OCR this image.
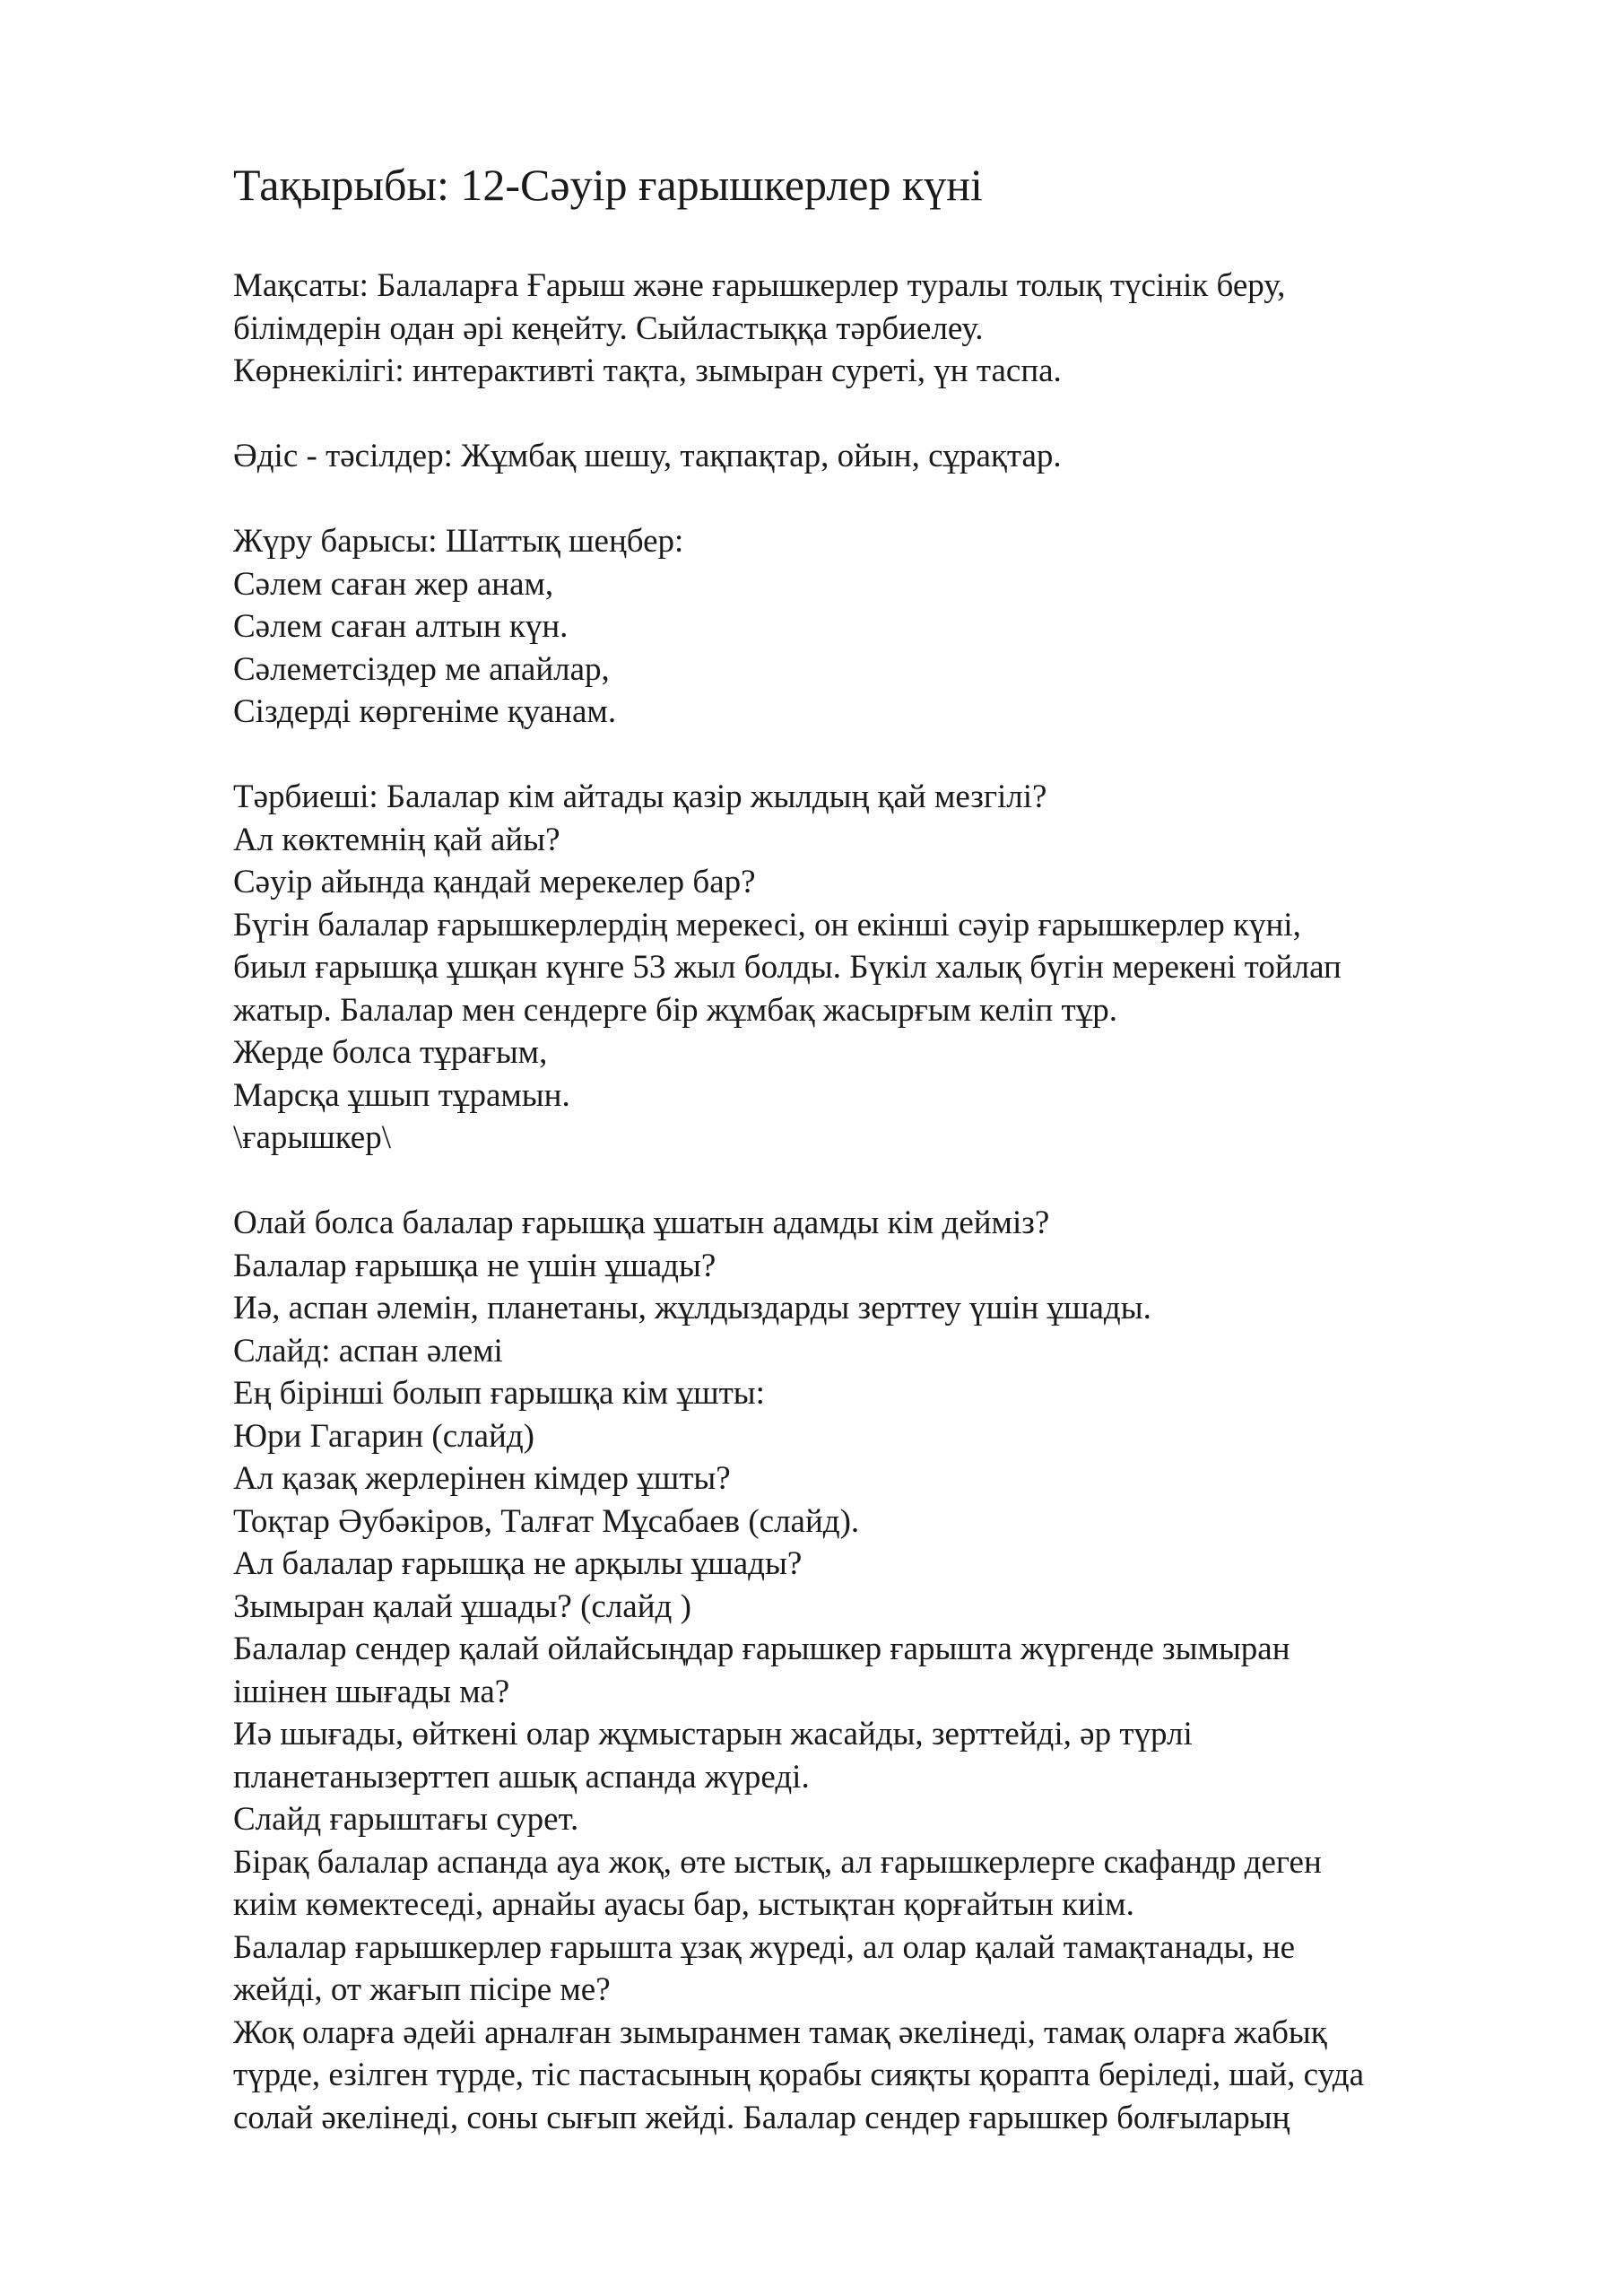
Тақырыбы: 12-Сәуір ғарышкерлер күні
Мақсаты: Балаларға Ғарыш және ғарышкерлер туралы толық түсінік беру,
білімдерін одан әрі кеңейту. Сыйластыққа тәрбиелеу.
Көрнекілігі: интерактивті тақта, зымыран суреті, үн таспа.
Әдіс - тәсілдер: Жұмбақ шешу, тақпақтар, ойын, сұрақтар.
Жүру барысы: Шаттық шеңбер:
Сәлем саған жер анам,
Сәлем саған алтын күн.
Сәлеметсіздер ме апайлар,
Сіздерді көргеніме қуанам.
Тәрбиеші: Балалар кім айтады қазір жылдың қай мезгілі?
Ал көктемнің қай айы?
Сәуір айында қандай мерекелер бар?
Бүгін балалар ғарышкерлердің мерекесі, он екінші сәуір ғарышкерлер күні,
биыл ғарышқа ұшқан күнге 53 жыл болды. Бүкіл халық бүгін мерекені тойлап
жатыр. Балалар мен сендерге бір жұмбақ жасырғым келіп тұр.
Жерде болса тұрағым,
Марсқа ұшып тұрамын.
\ғарышкер\
Олай болса балалар ғарышқа ұшатын адамды кім дейміз?
Балалар ғарышқа не үшін ұшады?
Иә, аспан әлемін, планетаны, жұлдыздарды зерттеу үшін ұшады.
Слайд: аспан әлемі
Ең бірінші болып ғарышқа кім ұшты:
Юри Гагарин (слайд)
Ал қазақ жерлерінен кімдер ұшты?
Тоқтар Әубәкіров, Талғат Мұсабаев (слайд).
Ал балалар ғарышқа не арқылы ұшады?
Зымыран қалай ұшады? (слайд )
Балалар сендер қалай ойлайсыңдар ғарышкер ғарышта жүргенде зымыран
ішінен шығады ма?
Иә шығады, өйткені олар жұмыстарын жасайды, зерттейді, әр түрлі
планетанызерттеп ашық аспанда жүреді.
Слайд ғарыштағы сурет.
Бірақ балалар аспанда ауа жоқ, өте ыстық, ал ғарышкерлерге скафандр деген
киім көмектеседі, арнайы ауасы бар, ыстықтан қорғайтын киім.
Балалар ғарышкерлер ғарышта ұзақ жүреді, ал олар қалай тамақтанады, не
жейді, от жағып пісіре ме?
Жоқ оларға әдейі арналған зымыранмен тамақ әкелінеді, тамақ оларға жабық
түрде, езілген түрде, тіс пастасының қорабы сияқты қорапта беріледі, шай, суда
солай әкелінеді, соны сығып жейді. Балалар сендер ғарышкер болғыларың
